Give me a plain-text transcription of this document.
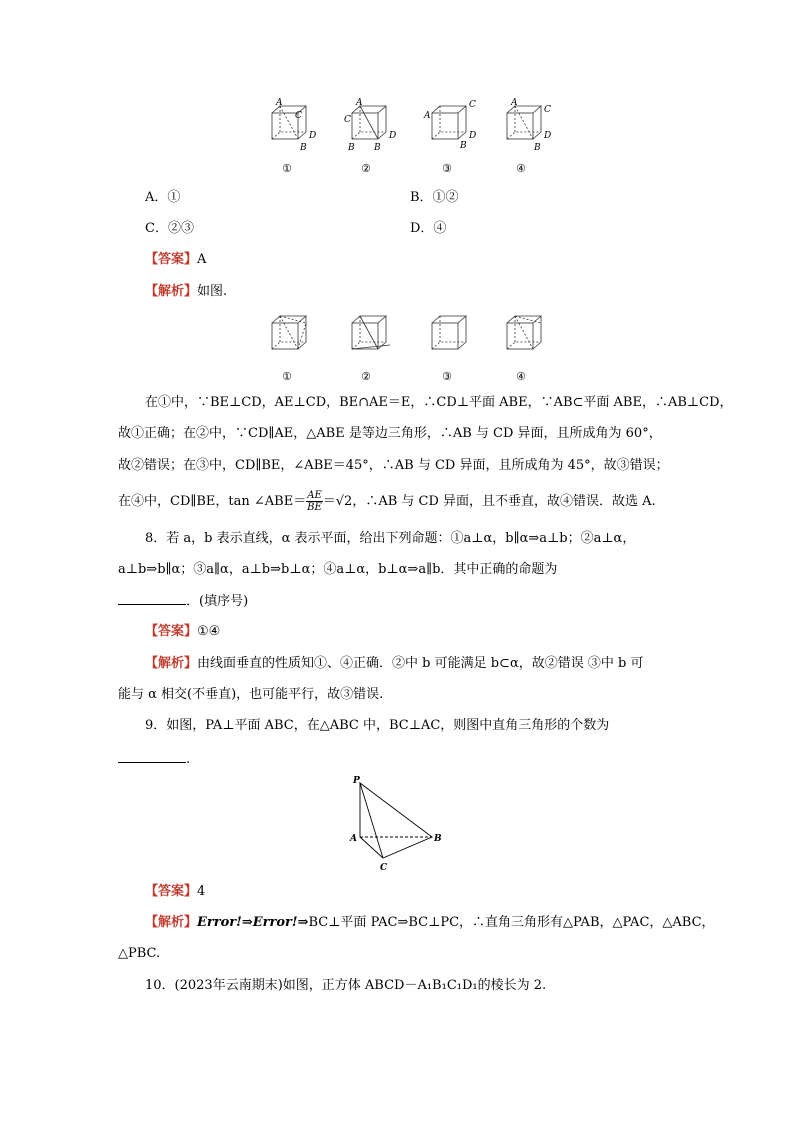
A
C
D
B
A
C
D
B B
C
A
D
B
A
C
D
B
①	②	③	④
A．①	B．①②
C．②③	D．④
【答案】A
【解析】如图.
①	②	③	④
在①中，∵BE⊥CD，AE⊥CD，BE∩AE＝E，∴CD⊥平面 ABE，∵AB⊂平面 ABE，∴AB⊥CD，
故①正确；在②中，∵CD∥AE，△ABE 是等边三角形，∴AB 与 CD 异面，且所成角为 60°，
故②错误；在③中，CD∥BE，∠ABE＝45°，∴AB 与 CD 异面，且所成角为 45°，故③错误；
在④中，CD∥BE，tan ∠ABE＝ $\frac{AE}{BE} =√2$，∴AB 与 CD 异面，且不垂直，故④错误．故选 A.
8．若 a，b 表示直线，α 表示平面，给出下列命题：①a⊥α，b∥α⇒a⊥b；②a⊥α，
a⊥b⇒b∥α；③a∥α，a⊥b⇒b⊥α；④a⊥α，b⊥α⇒a∥b．其中正确的命题为
．(填序号)
【答案】①④
【解析】由线面垂直的性质知①、④正确．②中 b 可能满足 b⊂α，故②错误 ③中 b 可
能与 α 相交(不垂直)，也可能平行，故③错误.
9．如图，PA⊥平面 ABC，在△ABC 中，BC⊥AC，则图中直角三角形的个数为
.
P
A	B
C
【答案】4
【解析】Error!⇒Error!⇒BC⊥平面 PAC⇒BC⊥PC，∴直角三角形有△PAB，△PAC，△ABC，
△PBC.
10．(2023年云南期末)如图，正方体 ABCD－A₁B₁C₁D₁的棱长为 2.
